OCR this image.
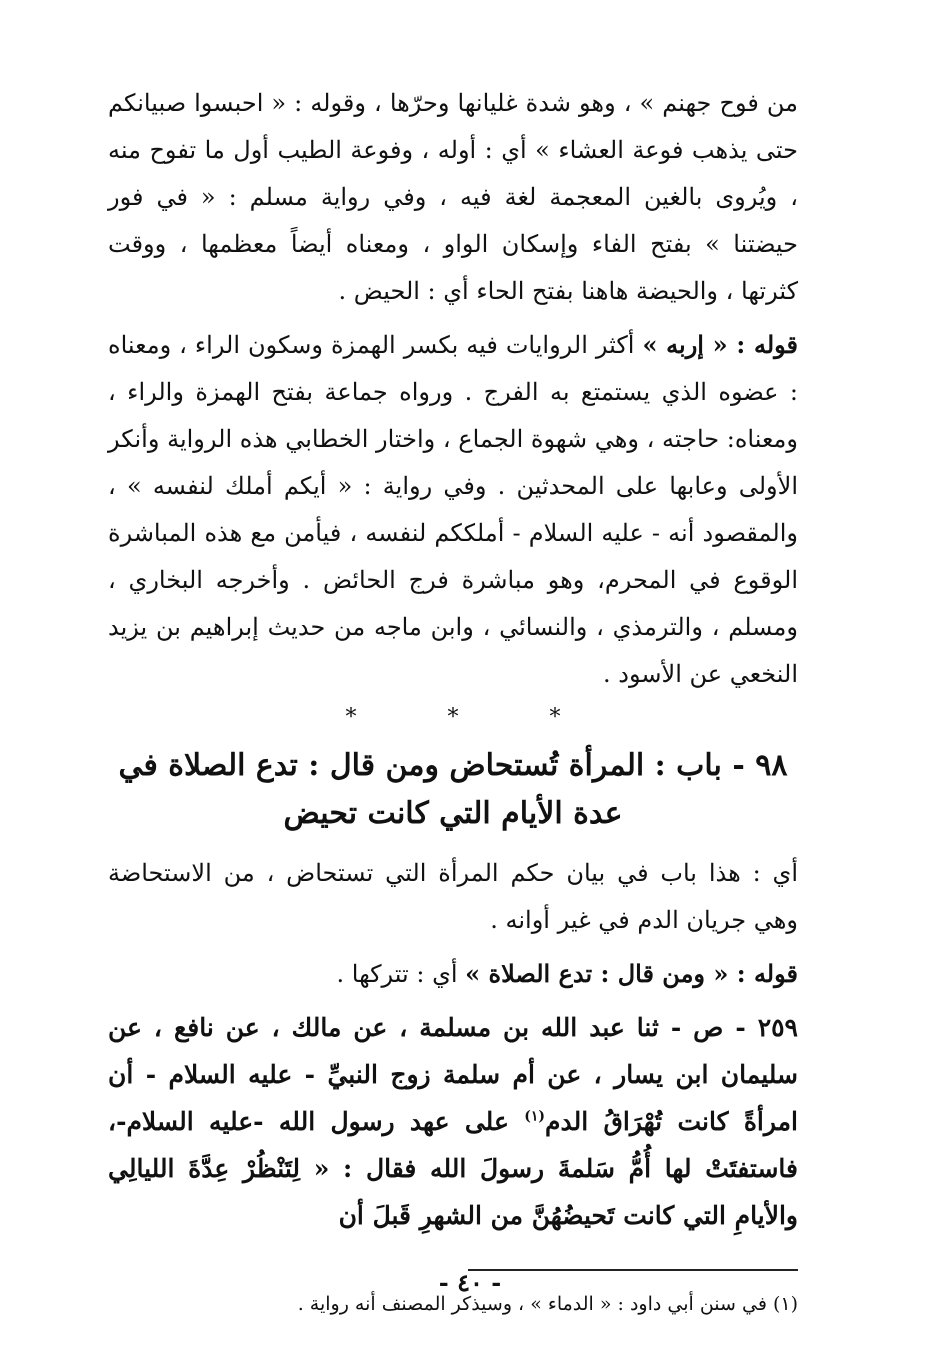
من فوح جهنم » ، وهو شدة غليانها وحرّها ، وقوله : « احبسوا صبيانكم حتى يذهب فوعة العشاء » أي : أوله ، وفوعة الطيب أول ما تفوح منه ، ويُروى بالغين المعجمة لغة فيه ، وفي رواية مسلم : « في فور حيضتنا » بفتح الفاء وإسكان الواو ، ومعناه أيضاً معظمها ، ووقت كثرتها ، والحيضة هاهنا بفتح الحاء أي : الحيض .

قوله : « إربه » أكثر الروايات فيه بكسر الهمزة وسكون الراء ، ومعناه : عضوه الذي يستمتع به الفرج . ورواه جماعة بفتح الهمزة والراء ، ومعناه: حاجته ، وهي شهوة الجماع ، واختار الخطابي هذه الرواية وأنكر الأولى وعابها على المحدثين . وفي رواية : « أيكم أملك لنفسه » ، والمقصود أنه - عليه السلام - أملككم لنفسه ، فيأمن مع هذه المباشرة الوقوع في المحرم، وهو مباشرة فرج الحائض . وأخرجه البخاري ، ومسلم ، والترمذي ، والنسائي ، وابن ماجه من حديث إبراهيم بن يزيد النخعي عن الأسود .

* * *
٩٨ - باب : المرأة تُستحاض ومن قال : تدع الصلاة في
عدة الأيام التي كانت تحيض

أي : هذا باب في بيان حكم المرأة التي تستحاض ، من الاستحاضة وهي جريان الدم في غير أوانه .

قوله : « ومن قال : تدع الصلاة » أي : تتركها .

٢٥٩ - ص - ثنا عبد الله بن مسلمة ، عن مالك ، عن نافع ، عن سليمان ابن يسار ، عن أم سلمة زوج النبيِّ - عليه السلام - أن امرأةً كانت تُهْرَاقُ الدم$^{(١)}$ على عهد رسول الله -عليه السلام-، فاستفتَتْ لها أُمُّ سَلمةَ رسولَ الله فقال : « لِتَنْظُرْ عِدَّةَ الليالِي والأيامِ التي كانت تَحيضُهُنَّ من الشهرِ قَبلَ أن

(١) في سنن أبي داود : « الدماء » ، وسيذكر المصنف أنه رواية .

- ٤٠ -
